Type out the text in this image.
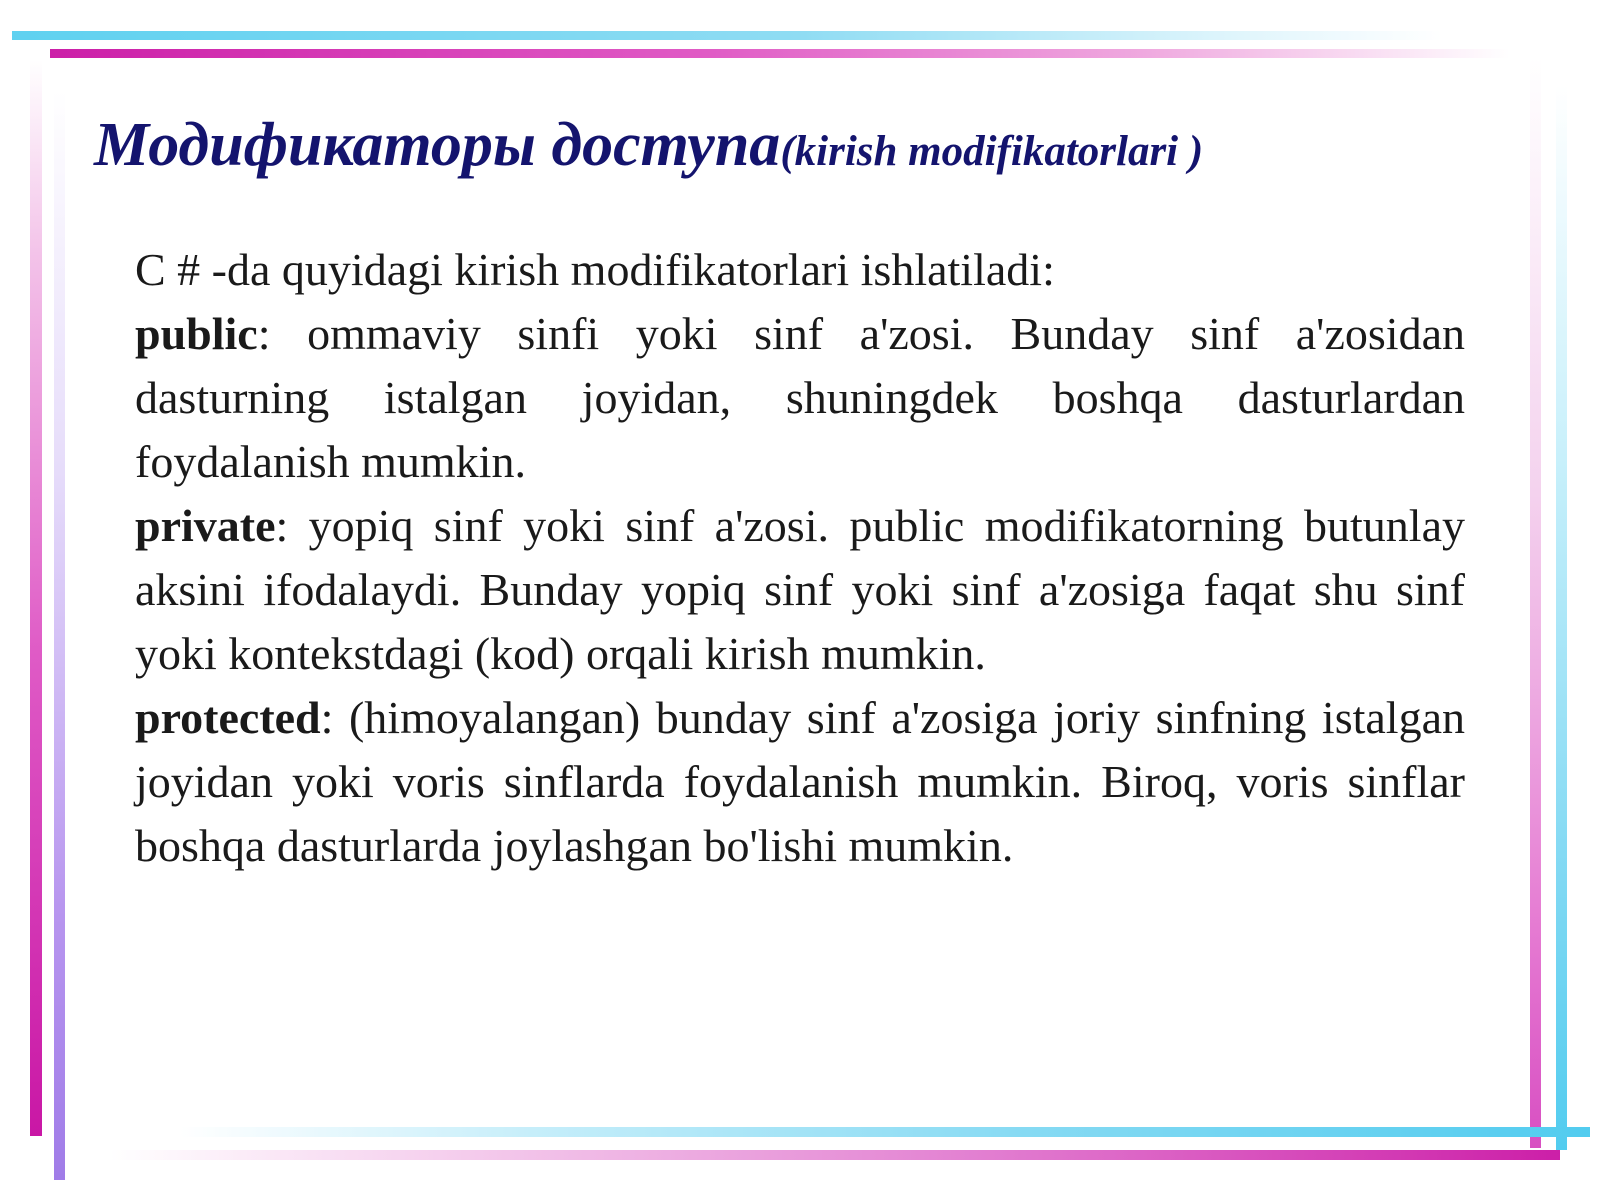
Модификаторы доступа(kirish modifikatorlari )

C # -da quyidagi kirish modifikatorlari ishlatiladi:

public: ommaviy sinfi yoki sinf a'zosi. Bunday sinf a'zosidan dasturning istalgan joyidan, shuningdek boshqa dasturlardan foydalanish mumkin.

private: yopiq sinf yoki sinf a'zosi. public modifikatorning butunlay aksini ifodalaydi. Bunday yopiq sinf yoki sinf a'zosiga faqat shu sinf yoki kontekstdagi (kod) orqali kirish mumkin.

protected: (himoyalangan) bunday sinf a'zosiga joriy sinfning istalgan joyidan yoki voris sinflarda foydalanish mumkin. Biroq, voris sinflar boshqa dasturlarda joylashgan bo'lishi mumkin.
